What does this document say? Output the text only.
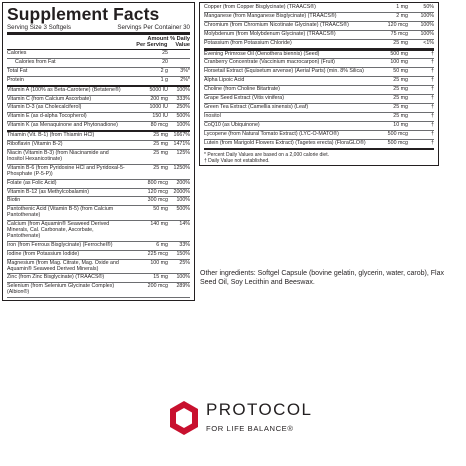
Supplement Facts
Serving Size 3 Softgels	Servings Per Container 30
Amount % Daily
Per Serving Value
Calories	25
Calories from Fat	20
Total Fat	2 g	3%*
Protein	1 g	2%*
Vitamin A (100% as Beta-Carotene) (Betatene®)	5000 IU	100%
Vitamin C (from Calcium Ascorbate)	200 mg	333%
Vitamin D-3 (as Cholecalciferol)	1000 IU	250%
Vitamin E (as d-alpha Tocopherol)	150 IU	500%
Vitamin K (as Menaquinone and Phytonadione)	80 mcg	100%
Thiamin (Vit. B-1) (from Thiamin HCl)	25 mg	1667%
Riboflavin (Vitamin B-2)	25 mg	1471%
Niacin (Vitamin B-3) (from Niacinamide and Inositol Hexanicotinate)
25 mg	125%
Vitamin B-6 (from Pyridoxine HCl and Pyridoxal-5-Phosphate (P-5-P))
25 mg	1250%
Folate (as Folic Acid)	800 mcg	200%
Vitamin B-12 (as Methylcobalamin)	120 mcg	2000%
Biotin	300 mcg	100%
Pantothenic Acid (Vitamin B-5) (from Calcium Pantothenate)
50 mg	500%
Calcium (from Aquamin® Seaweed Derived Minerals, Cal. Carbonate, Ascorbate, Pantothenate)
140 mg	14%
Iron (from Ferrous Bisglycinate) (Ferrochel®)	6 mg	33%
Iodine (from Potassium Iodide)	225 mcg	150%
Magnesium (from Mag. Citrate, Mag. Oxide and Aquamin® Seaweed Derived Minerals)
100 mg	25%
Zinc (from Zinc Bisglycinate) (TRAACS®)	15 mg	100%
Selenium (from Selenium Glycinate Complex) (Albion®)
200 mcg	289%
Copper (from Copper Bisglycinate) (TRAACS®)	1 mg	50%
Manganese (from Manganese Bisglycinate) (TRAACS®)	2 mg	100%
Chromium (from Chromium Nicotinate Glycinate) (TRAACS®)	120 mcg	100%
Molybdenum (from Molybdenum Glycinate) (TRAACS®)	75 mcg	100%
Potassium (from Potassium Chloride)	25 mg	<1%
Evening Primrose Oil (Oenothera biennis) (Seed)	500 mg	†
Cranberry Concentrate (Vaccinium macrocarpon) (Fruit)	100 mg	†
Horsetail Extract (Equisetum arvense) (Aerial Parts) (min. 8% Silica)	50 mg	†
Alpha Lipoic Acid	25 mg	†
Choline (from Choline Bitartrate)	25 mg	†
Grape Seed Extract (Vitis vinifera)	25 mg	†
Green Tea Extract (Camellia sinensis) (Leaf)	25 mg	†
Inositol	25 mg	†
CoQ10 (as Ubiquinone)	10 mg	†
Lycopene (from Natural Tomato Extract) (LYC-O-MATO®)	500 mcg	†
Lutein (from Marigold Flowers Extract) (Tagetes erecta) (FloraGLO®)	500 mcg	†
* Percent Daily Values are based on a 2,000 calorie diet.
† Daily Value not established.
Other ingredients: Softgel Capsule (bovine gelatin, glycerin, water, carob), Flax Seed Oil, Soy Lecithin and Beeswax.
PROTOCOL
FOR LIFE BALANCE®
